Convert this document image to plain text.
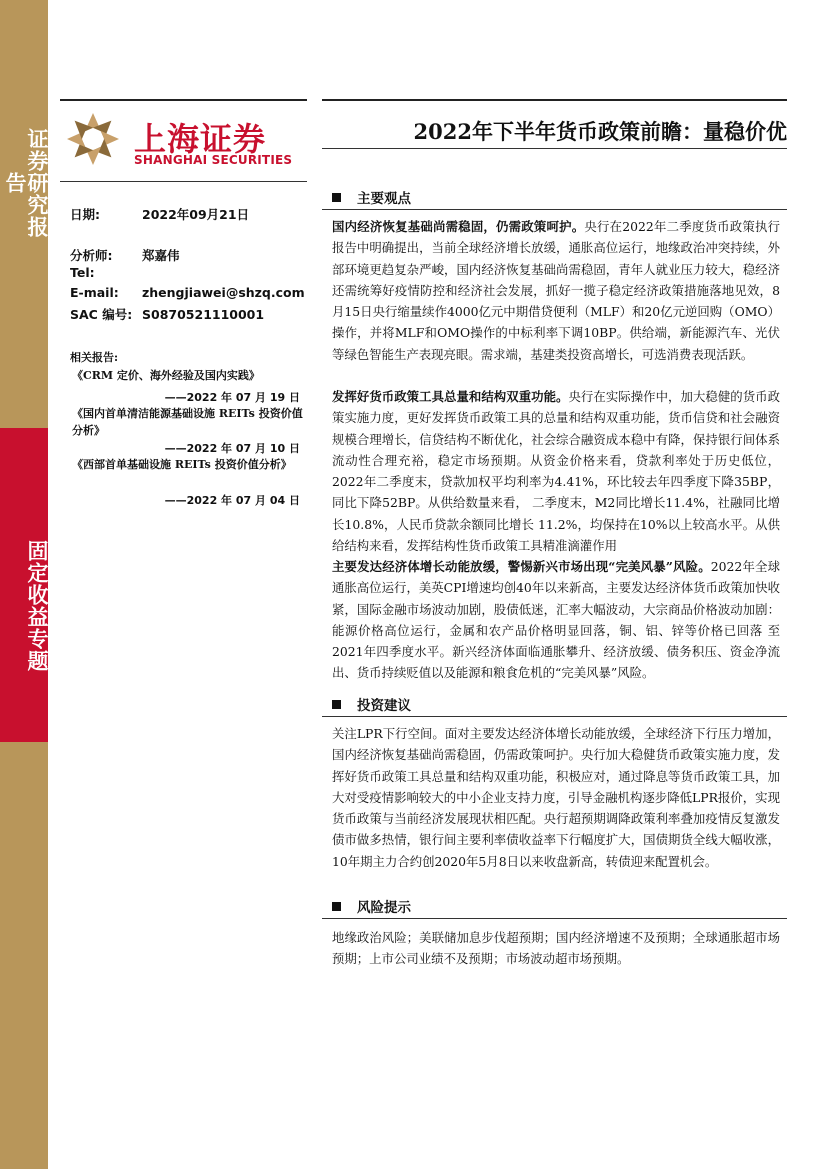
证券研究报告
固定收益专题
上海证券
SHANGHAI SECURITIES
2022年下半年货币政策前瞻：量稳价优
日期:	2022年09月21日
分析师: 郑嘉伟
Tel:
E-mail: zhengjiawei@shzq.com
SAC 编号: S0870521110001
相关报告:
《CRM 定价、海外经验及国内实践》
——2022 年 07 月 19 日
《国内首单清洁能源基础设施 REITs 投资价值分析》
——2022 年 07 月 10 日
《西部首单基础设施 REITs 投资价值分析》
——2022 年 07 月 04 日
主要观点
国内经济恢复基础尚需稳固，仍需政策呵护。央行在2022年二季度货币政策执行报告中明确提出，当前全球经济增长放缓，通胀高位运行，地缘政治冲突持续，外部环境更趋复杂严峻，国内经济恢复基础尚需稳固，青年人就业压力较大，稳经济还需统筹好疫情防控和经济社会发展，抓好一揽子稳定经济政策措施落地见效，8月15日央行缩量续作4000亿元中期借贷便利（MLF）和20亿元逆回购（OMO）操作，并将MLF和OMO操作的中标利率下调10BP。供给端，新能源汽车、光伏等绿色智能生产表现亮眼。需求端，基建类投资高增长，可选消费表现活跃。
发挥好货币政策工具总量和结构双重功能。央行在实际操作中，加大稳健的货币政策实施力度，更好发挥货币政策工具的总量和结构双重功能，货币信贷和社会融资规模合理增长，信贷结构不断优化，社会综合融资成本稳中有降，保持银行间体系流动性合理充裕，稳定市场预期。从资金价格来看，贷款利率处于历史低位，2022年二季度末，贷款加权平均利率为4.41%，环比较去年四季度下降35BP，同比下降52BP。从供给数量来看， 二季度末，M2同比增长11.4%，社融同比增长10.8%，人民币贷款余额同比增长 11.2%，均保持在10%以上较高水平。从供给结构来看，发挥结构性货币政策工具精准滴灌作用
主要发达经济体增长动能放缓，警惕新兴市场出现“完美风暴”风险。2022年全球通胀高位运行，美英CPI增速均创40年以来新高，主要发达经济体货币政策加快收紧，国际金融市场波动加剧，股债低迷，汇率大幅波动，大宗商品价格波动加剧：能源价格高位运行，金属和农产品价格明显回落，铜、铝、锌等价格已回落 至2021年四季度水平。新兴经济体面临通胀攀升、经济放缓、债务积压、资金净流出、货币持续贬值以及能源和粮食危机的“完美风暴”风险。
投资建议
关注LPR下行空间。面对主要发达经济体增长动能放缓，全球经济下行压力增加，国内经济恢复基础尚需稳固，仍需政策呵护。央行加大稳健货币政策实施力度，发挥好货币政策工具总量和结构双重功能，积极应对，通过降息等货币政策工具，加大对受疫情影响较大的中小企业支持力度，引导金融机构逐步降低LPR报价，实现货币政策与当前经济发展现状相匹配。央行超预期调降政策利率叠加疫情反复激发债市做多热情，银行间主要利率债收益率下行幅度扩大，国债期货全线大幅收涨，10年期主力合约创2020年5月8日以来收盘新高，转债迎来配置机会。
风险提示
地缘政治风险；美联储加息步伐超预期；国内经济增速不及预期；全球通胀超市场预期；上市公司业绩不及预期；市场波动超市场预期。
